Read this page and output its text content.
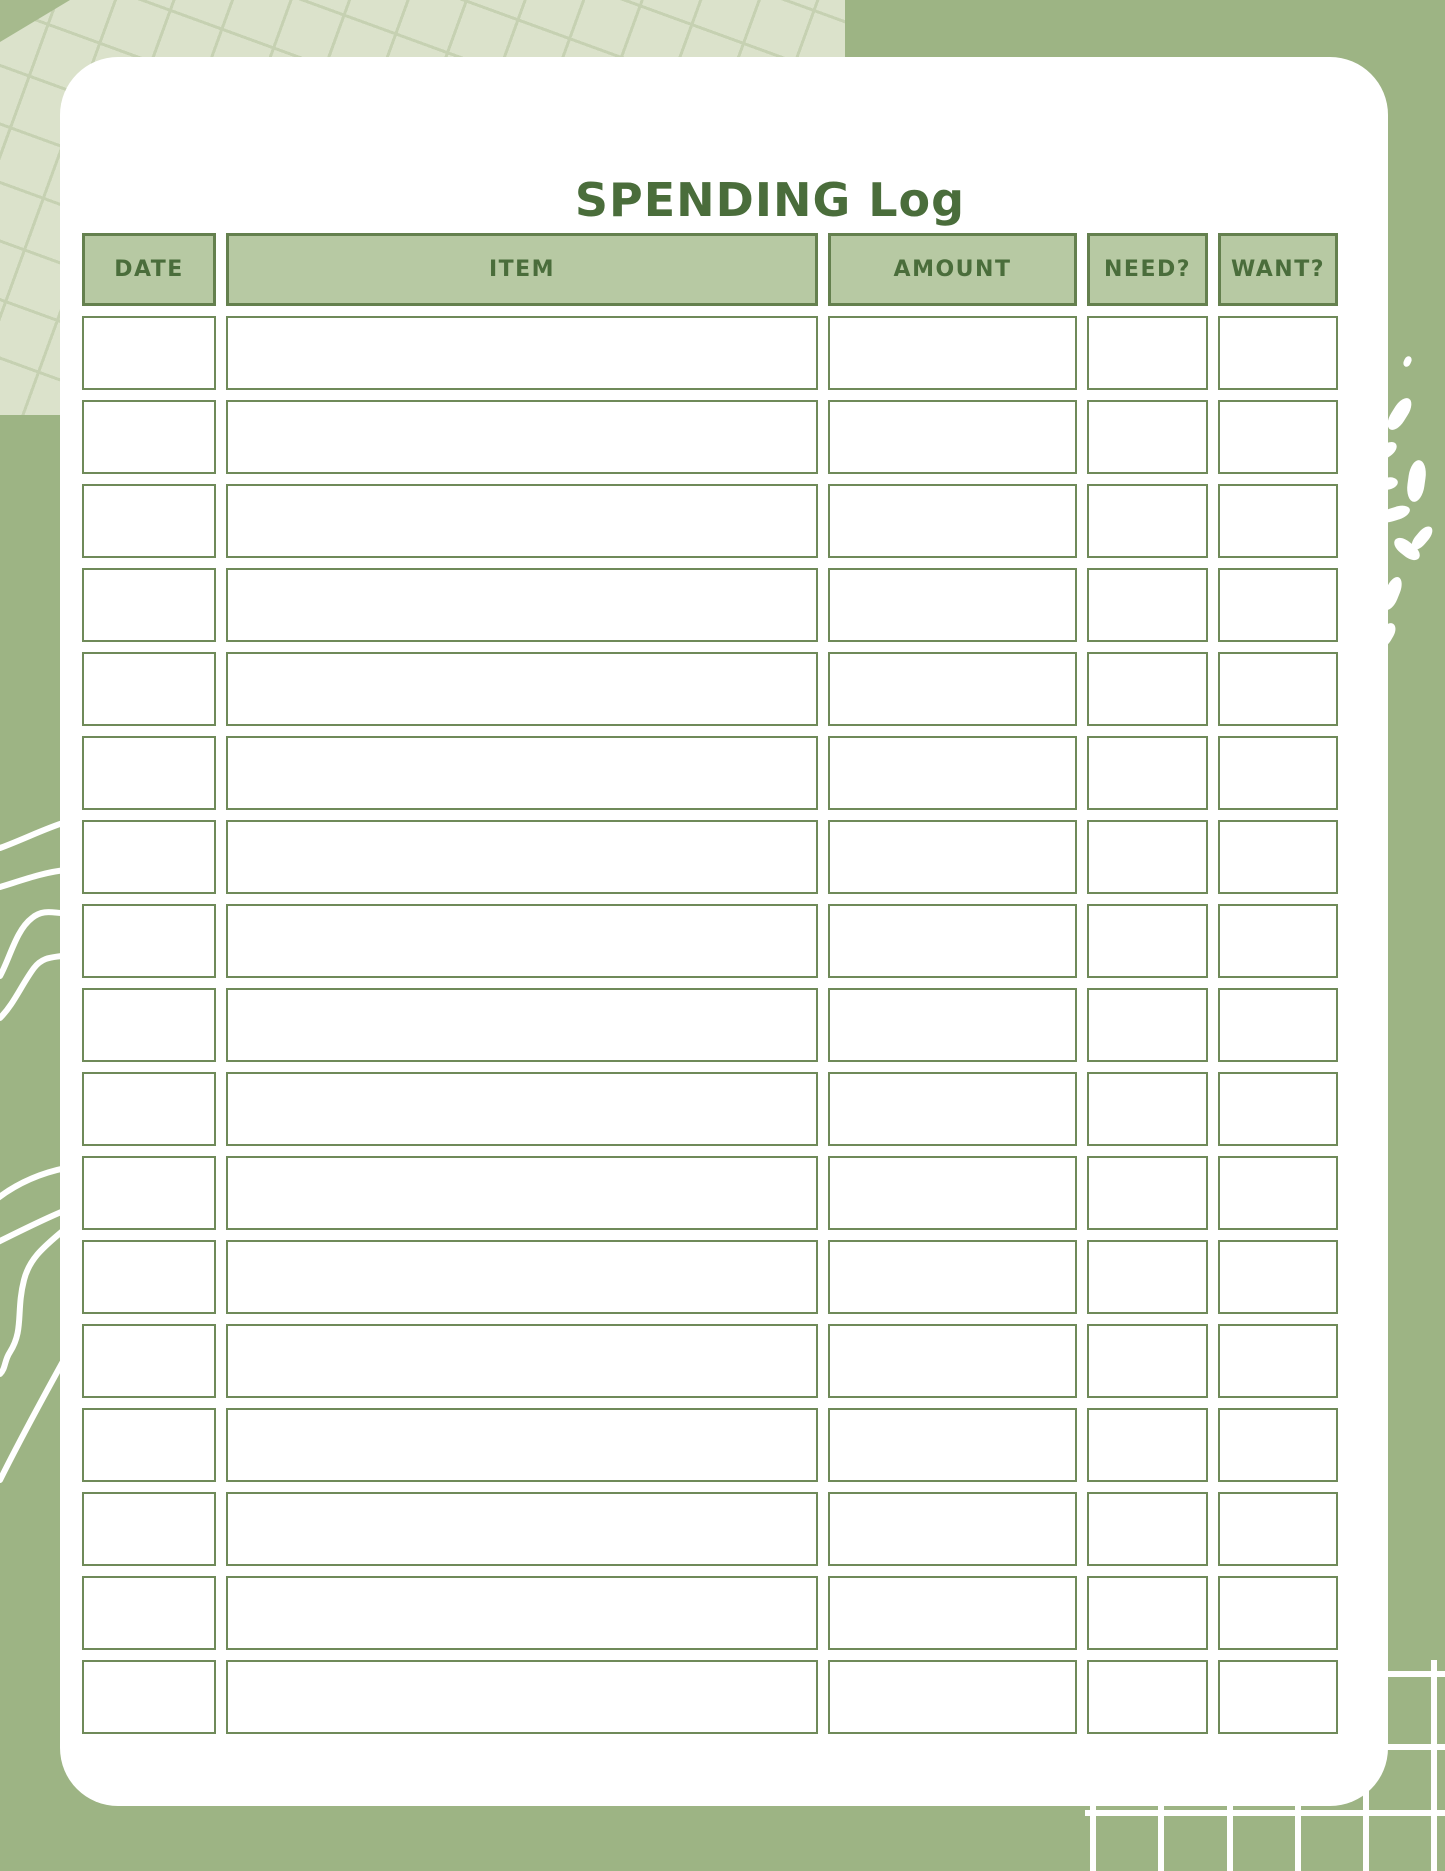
SPENDING Log
DATE	ITEM	AMOUNT	NEED?	WANT?
